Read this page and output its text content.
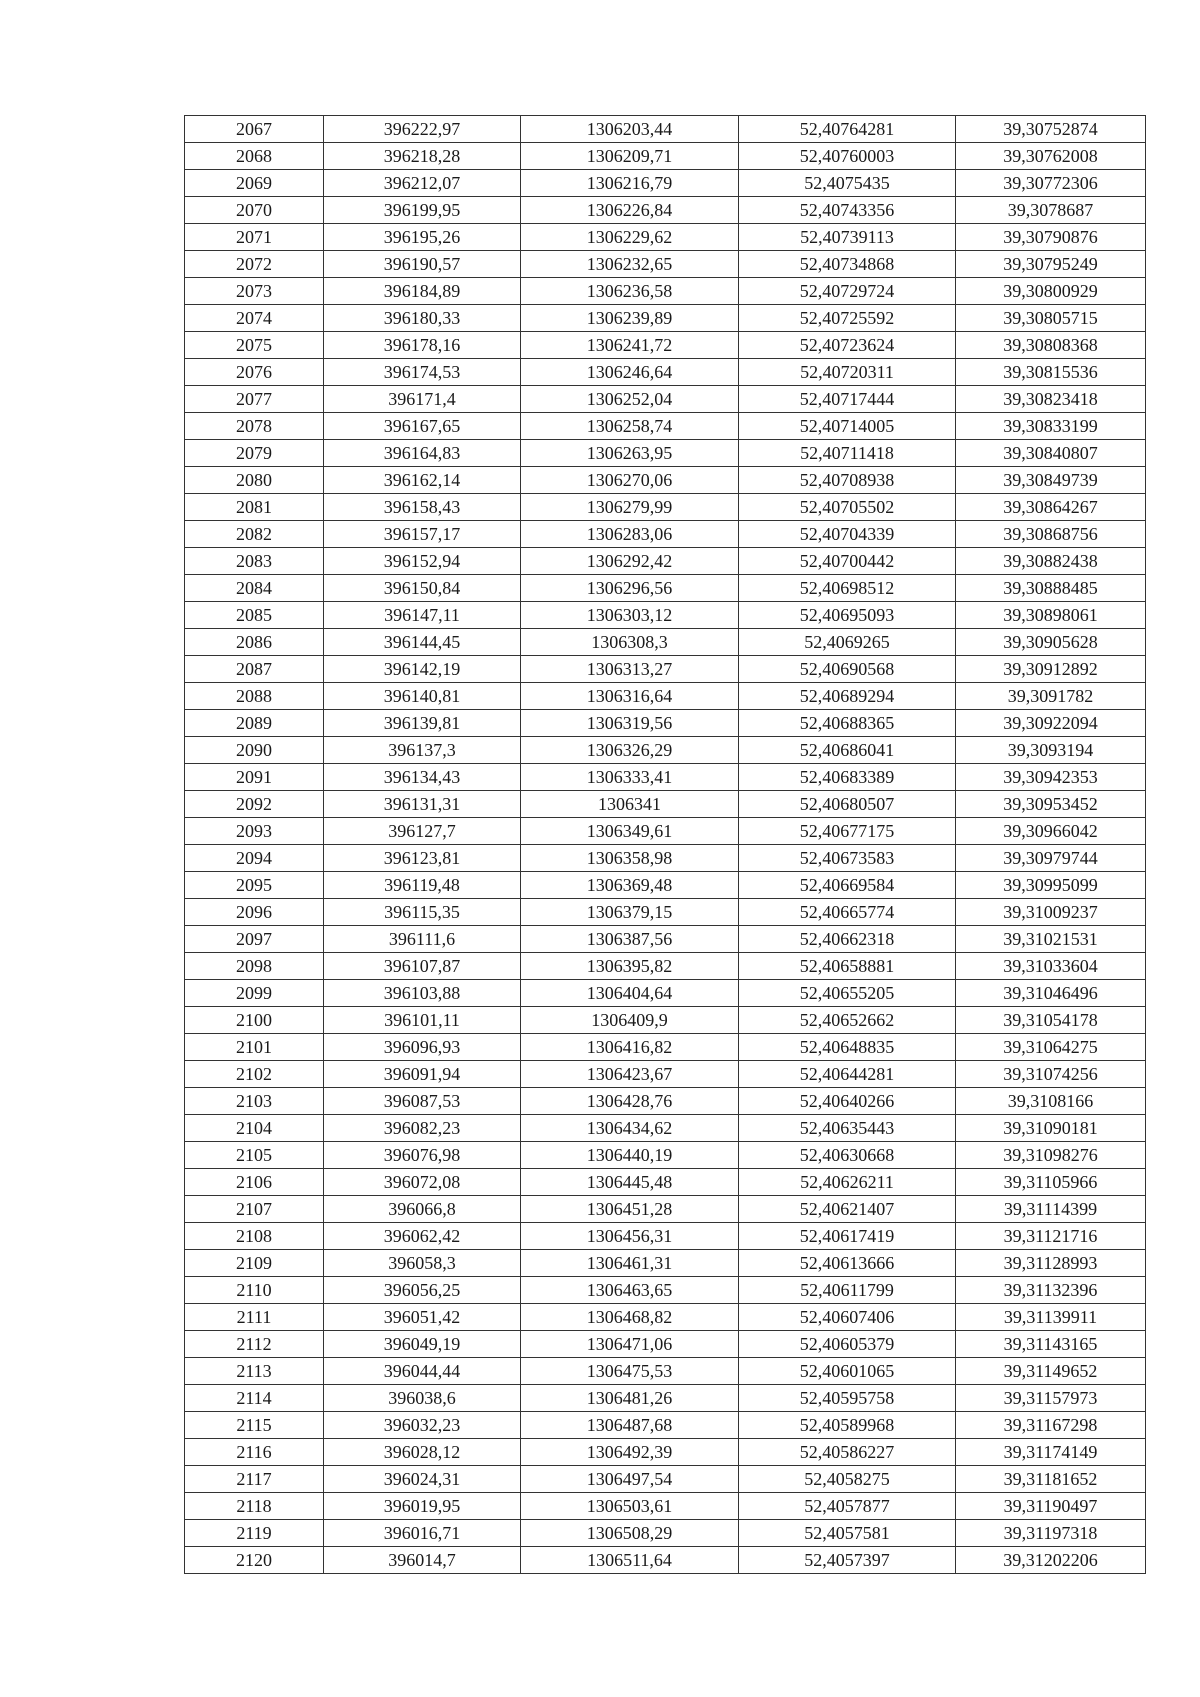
2067	396222,97	1306203,44	52,40764281	39,30752874
2068	396218,28	1306209,71	52,40760003	39,30762008
2069	396212,07	1306216,79	52,4075435	39,30772306
2070	396199,95	1306226,84	52,40743356	39,3078687
2071	396195,26	1306229,62	52,40739113	39,30790876
2072	396190,57	1306232,65	52,40734868	39,30795249
2073	396184,89	1306236,58	52,40729724	39,30800929
2074	396180,33	1306239,89	52,40725592	39,30805715
2075	396178,16	1306241,72	52,40723624	39,30808368
2076	396174,53	1306246,64	52,40720311	39,30815536
2077	396171,4	1306252,04	52,40717444	39,30823418
2078	396167,65	1306258,74	52,40714005	39,30833199
2079	396164,83	1306263,95	52,40711418	39,30840807
2080	396162,14	1306270,06	52,40708938	39,30849739
2081	396158,43	1306279,99	52,40705502	39,30864267
2082	396157,17	1306283,06	52,40704339	39,30868756
2083	396152,94	1306292,42	52,40700442	39,30882438
2084	396150,84	1306296,56	52,40698512	39,30888485
2085	396147,11	1306303,12	52,40695093	39,30898061
2086	396144,45	1306308,3	52,4069265	39,30905628
2087	396142,19	1306313,27	52,40690568	39,30912892
2088	396140,81	1306316,64	52,40689294	39,3091782
2089	396139,81	1306319,56	52,40688365	39,30922094
2090	396137,3	1306326,29	52,40686041	39,3093194
2091	396134,43	1306333,41	52,40683389	39,30942353
2092	396131,31	1306341	52,40680507	39,30953452
2093	396127,7	1306349,61	52,40677175	39,30966042
2094	396123,81	1306358,98	52,40673583	39,30979744
2095	396119,48	1306369,48	52,40669584	39,30995099
2096	396115,35	1306379,15	52,40665774	39,31009237
2097	396111,6	1306387,56	52,40662318	39,31021531
2098	396107,87	1306395,82	52,40658881	39,31033604
2099	396103,88	1306404,64	52,40655205	39,31046496
2100	396101,11	1306409,9	52,40652662	39,31054178
2101	396096,93	1306416,82	52,40648835	39,31064275
2102	396091,94	1306423,67	52,40644281	39,31074256
2103	396087,53	1306428,76	52,40640266	39,3108166
2104	396082,23	1306434,62	52,40635443	39,31090181
2105	396076,98	1306440,19	52,40630668	39,31098276
2106	396072,08	1306445,48	52,40626211	39,31105966
2107	396066,8	1306451,28	52,40621407	39,31114399
2108	396062,42	1306456,31	52,40617419	39,31121716
2109	396058,3	1306461,31	52,40613666	39,31128993
2110	396056,25	1306463,65	52,40611799	39,31132396
2111	396051,42	1306468,82	52,40607406	39,31139911
2112	396049,19	1306471,06	52,40605379	39,31143165
2113	396044,44	1306475,53	52,40601065	39,31149652
2114	396038,6	1306481,26	52,40595758	39,31157973
2115	396032,23	1306487,68	52,40589968	39,31167298
2116	396028,12	1306492,39	52,40586227	39,31174149
2117	396024,31	1306497,54	52,4058275	39,31181652
2118	396019,95	1306503,61	52,4057877	39,31190497
2119	396016,71	1306508,29	52,4057581	39,31197318
2120	396014,7	1306511,64	52,4057397	39,31202206
